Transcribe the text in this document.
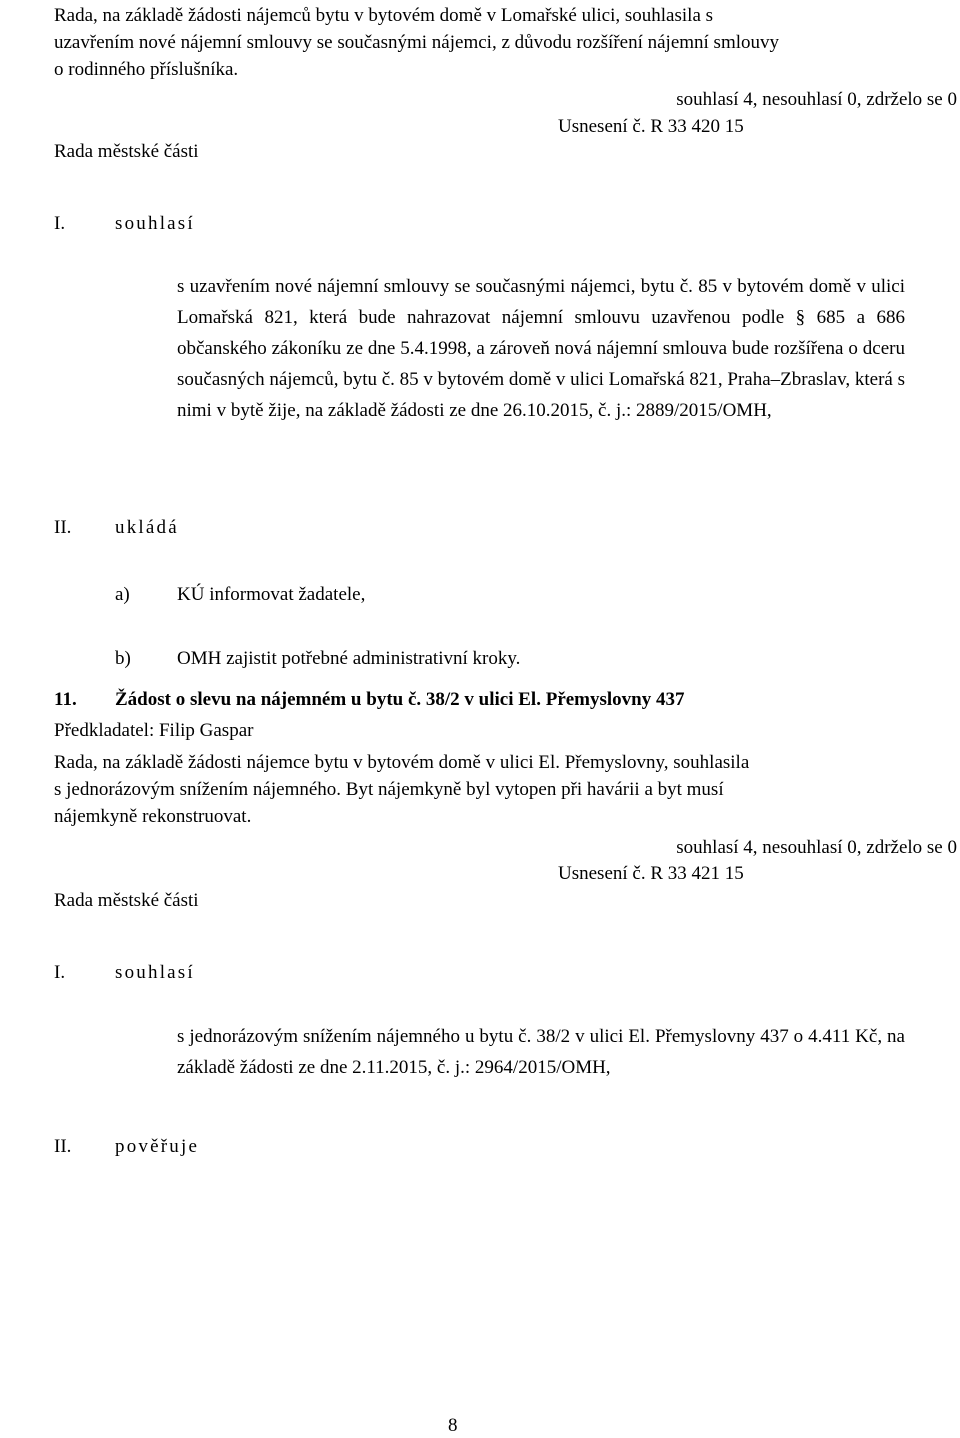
Rada, na základě žádosti nájemců bytu v bytovém domě v Lomařské ulici, souhlasila s
uzavřením nové nájemní smlouvy se současnými nájemci, z důvodu rozšíření nájemní smlouvy
o rodinného příslušníka.
souhlasí 4, nesouhlasí 0, zdrželo se 0
Usnesení č. R 33 420 15
Rada městské části
I.	souhlasí
s uzavřením nové nájemní smlouvy se současnými nájemci, bytu č. 85 v bytovém domě v ulici Lomařská 821, která bude nahrazovat nájemní smlouvu uzavřenou podle § 685 a 686 občanského zákoníku ze dne 5.4.1998, a zároveň nová nájemní smlouva bude rozšířena o dceru současných nájemců, bytu č. 85 v bytovém domě v ulici Lomařská 821, Praha–Zbraslav, která s nimi v bytě žije, na základě žádosti ze dne 26.10.2015, č. j.: 2889/2015/OMH,
II. ukládá
a) KÚ informovat žadatele,
b) OMH zajistit potřebné administrativní kroky.
11. Žádost o slevu na nájemném u bytu č. 38/2 v ulici El. Přemyslovny 437
Předkladatel: Filip Gaspar
Rada, na základě žádosti nájemce bytu v bytovém domě v ulici El. Přemyslovny, souhlasila
s jednorázovým snížením nájemného. Byt nájemkyně byl vytopen při havárii a byt musí
nájemkyně rekonstruovat.
souhlasí 4, nesouhlasí 0, zdrželo se 0
Usnesení č. R 33 421 15
Rada městské části
I.	souhlasí
s jednorázovým snížením nájemného u bytu č. 38/2 v ulici El. Přemyslovny 437 o 4.411 Kč, na základě žádosti ze dne 2.11.2015, č. j.: 2964/2015/OMH,
II. pověřuje
8
